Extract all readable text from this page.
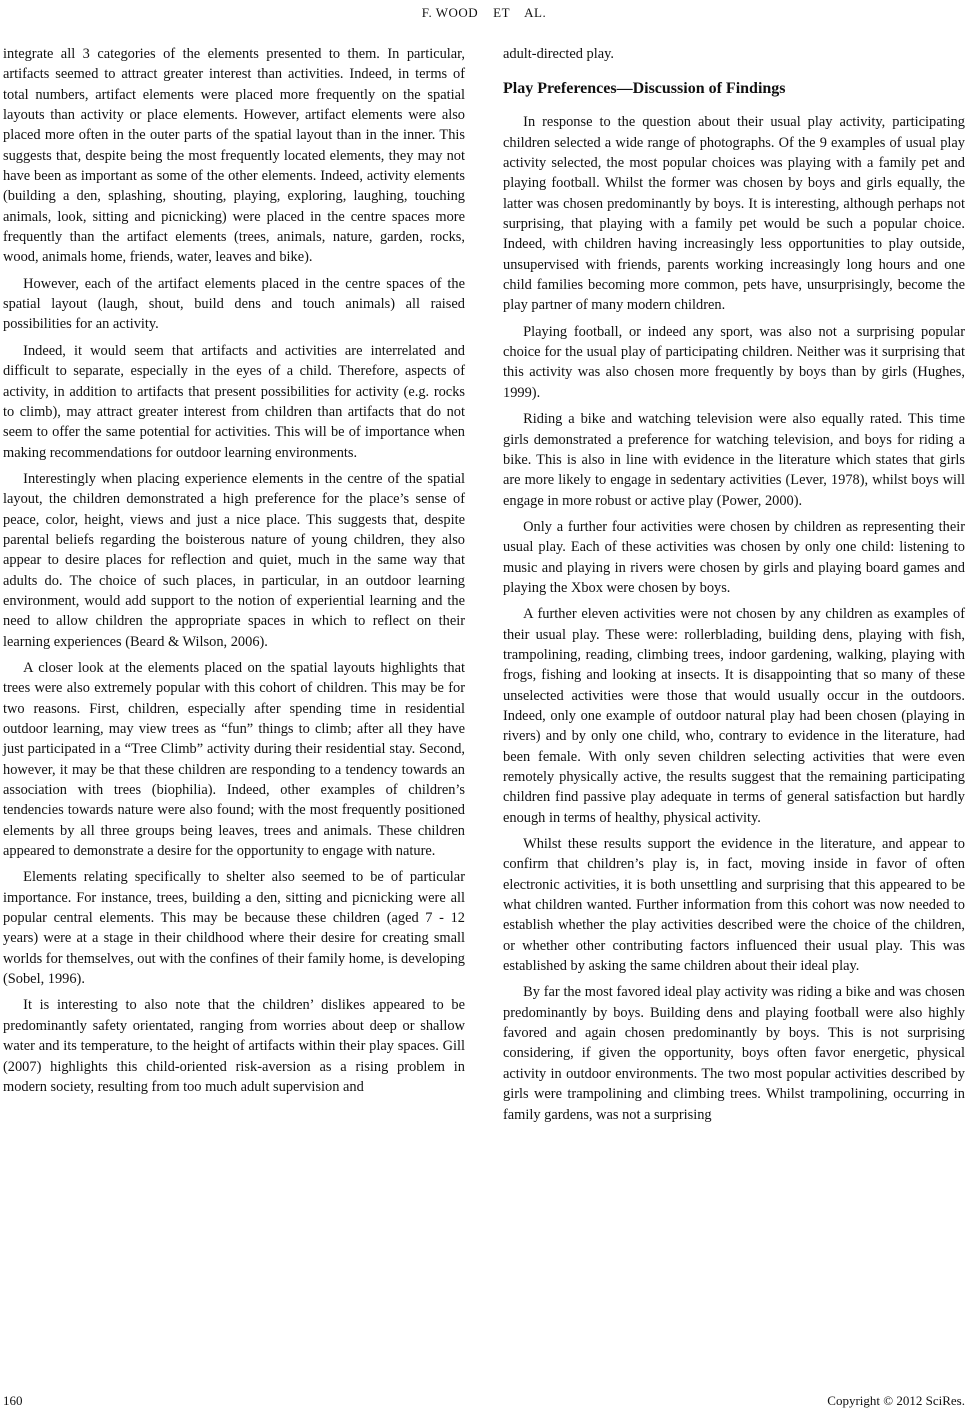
F. WOOD    ET    AL.

integrate all 3 categories of the elements presented to them. In particular, artifacts seemed to attract greater interest than activities. Indeed, in terms of total numbers, artifact elements were placed more frequently on the spatial layouts than activity or place elements. However, artifact elements were also placed more often in the outer parts of the spatial layout than in the inner. This suggests that, despite being the most frequently located elements, they may not have been as important as some of the other elements. Indeed, activity elements (building a den, splashing, shouting, playing, exploring, laughing, touching animals, look, sitting and picnicking) were placed in the centre spaces more frequently than the artifact elements (trees, animals, nature, garden, rocks, wood, animals home, friends, water, leaves and bike).

However, each of the artifact elements placed in the centre spaces of the spatial layout (laugh, shout, build dens and touch animals) all raised possibilities for an activity.

Indeed, it would seem that artifacts and activities are interrelated and difficult to separate, especially in the eyes of a child. Therefore, aspects of activity, in addition to artifacts that present possibilities for activity (e.g. rocks to climb), may attract greater interest from children than artifacts that do not seem to offer the same potential for activities. This will be of importance when making recommendations for outdoor learning environments.

Interestingly when placing experience elements in the centre of the spatial layout, the children demonstrated a high preference for the place’s sense of peace, color, height, views and just a nice place. This suggests that, despite parental beliefs regarding the boisterous nature of young children, they also appear to desire places for reflection and quiet, much in the same way that adults do. The choice of such places, in particular, in an outdoor learning environment, would add support to the notion of experiential learning and the need to allow children the appropriate spaces in which to reflect on their learning experiences (Beard & Wilson, 2006).

A closer look at the elements placed on the spatial layouts highlights that trees were also extremely popular with this cohort of children. This may be for two reasons. First, children, especially after spending time in residential outdoor learning, may view trees as “fun” things to climb; after all they have just participated in a “Tree Climb” activity during their residential stay. Second, however, it may be that these children are responding to a tendency towards an association with trees (biophilia). Indeed, other examples of children’s tendencies towards nature were also found; with the most frequently positioned elements by all three groups being leaves, trees and animals. These children appeared to demonstrate a desire for the opportunity to engage with nature.

Elements relating specifically to shelter also seemed to be of particular importance. For instance, trees, building a den, sitting and picnicking were all popular central elements. This may be because these children (aged 7 - 12 years) were at a stage in their childhood where their desire for creating small worlds for themselves, out with the confines of their family home, is developing (Sobel, 1996).

It is interesting to also note that the children’ dislikes appeared to be predominantly safety orientated, ranging from worries about deep or shallow water and its temperature, to the height of artifacts within their play spaces. Gill (2007) highlights this child-oriented risk-aversion as a rising problem in modern society, resulting from too much adult supervision and

adult-directed play.

Play Preferences—Discussion of Findings

In response to the question about their usual play activity, participating children selected a wide range of photographs. Of the 9 examples of usual play activity selected, the most popular choices was playing with a family pet and playing football. Whilst the former was chosen by boys and girls equally, the latter was chosen predominantly by boys. It is interesting, although perhaps not surprising, that playing with a family pet would be such a popular choice. Indeed, with children having increasingly less opportunities to play outside, unsupervised with friends, parents working increasingly long hours and one child families becoming more common, pets have, unsurprisingly, become the play partner of many modern children.

Playing football, or indeed any sport, was also not a surprising popular choice for the usual play of participating children. Neither was it surprising that this activity was also chosen more frequently by boys than by girls (Hughes, 1999).

Riding a bike and watching television were also equally rated. This time girls demonstrated a preference for watching television, and boys for riding a bike. This is also in line with evidence in the literature which states that girls are more likely to engage in sedentary activities (Lever, 1978), whilst boys will engage in more robust or active play (Power, 2000).

Only a further four activities were chosen by children as representing their usual play. Each of these activities was chosen by only one child: listening to music and playing in rivers were chosen by girls and playing board games and playing the Xbox were chosen by boys.

A further eleven activities were not chosen by any children as examples of their usual play. These were: rollerblading, building dens, playing with fish, trampolining, reading, climbing trees, indoor gardening, walking, playing with frogs, fishing and looking at insects. It is disappointing that so many of these unselected activities were those that would usually occur in the outdoors. Indeed, only one example of outdoor natural play had been chosen (playing in rivers) and by only one child, who, contrary to evidence in the literature, had been female. With only seven children selecting activities that were even remotely physically active, the results suggest that the remaining participating children find passive play adequate in terms of general satisfaction but hardly enough in terms of healthy, physical activity.

Whilst these results support the evidence in the literature, and appear to confirm that children’s play is, in fact, moving inside in favor of often electronic activities, it is both unsettling and surprising that this appeared to be what children wanted. Further information from this cohort was now needed to establish whether the play activities described were the choice of the children, or whether other contributing factors influenced their usual play. This was established by asking the same children about their ideal play.

By far the most favored ideal play activity was riding a bike and was chosen predominantly by boys. Building dens and playing football were also highly favored and again chosen predominantly by boys. This is not surprising considering, if given the opportunity, boys often favor energetic, physical activity in outdoor environments. The two most popular activities described by girls were trampolining and climbing trees. Whilst trampolining, occurring in family gardens, was not a surprising

160	Copyright © 2012 SciRes.
